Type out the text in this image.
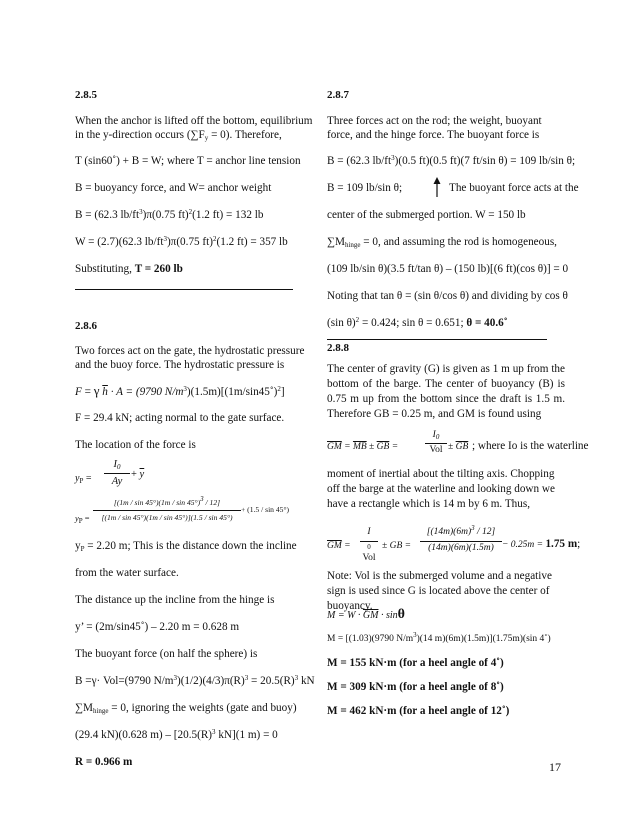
2.8.5
When the anchor is lifted off the bottom, equilibrium in the y-direction occurs $(\sum F_y = 0)$. Therefore,
T (sin60˚) + B = W; where T = anchor line tension
B = buoyancy force, and W= anchor weight
B = (62.3 $lb/ft^3)\pi(0.75$ ft)$^2$(1.2 ft) = 132 lb
W = (2.7)(62.3 $lb/ft^3)\pi(0.75$ ft)$^2$(1.2 ft) = 357 lb
Substituting, T = 260 lb
2.8.6
Two forces act on the gate, the hydrostatic pressure and the buoy force. The hydrostatic pressure is
F = γ $\overline{h} \cdot A = (9790$ $N/m^3)(1.5m)[(1m/\sin 45˚)^2]$
F = 29.4 kN; acting normal to the gate surface.
The location of the force is
$y_P$ =
$I_0$
Ay
+ $\overline{y}$
$y_P$ =
[(1m / sin 45°)(1m / sin 45°)$^3$ / 12]
[(1m / sin 45°)(1m / sin 45°)](1.5 / sin 45°)
+ (1.5 / sin 45°)
$y_P = 2.20$ m; This is the distance down the incline
from the water surface.
The distance up the incline from the hinge is
y’ = (2m/sin45˚) – 2.20 m = 0.628 m
The buoyant force (on half the sphere) is
B =γ· Vol=(9790 $N/m^3)(1/2)(4/3)\pi(R)^3 = 20.5(R)^3$ kN
$\sum M_{hinge} = 0$, ignoring the weights (gate and buoy)
(29.4 kN)(0.628 $m) - [20.5(R)^3$ kN](1 m) = 0
R = 0.966 m
2.8.7
Three forces act on the rod; the weight, buoyant force, and the hinge force. The buoyant force is
B = (62.3 $lb/ft^3)(0.5$ ft)(0.5 ft)(7 ft/sin θ) = 109 lb/sin θ;
B = 109 lb/sin θ;	The buoyant force acts at the
center of the submerged portion. W = 150 lb
$\sum M_{hinge} = 0$, and assuming the rod is homogeneous,
(109 lb/sin θ)(3.5 ft/tan θ) – (150 lb)[(6 ft)(cos θ)] = 0
Noting that tan θ = (sin θ/cos θ) and dividing by cos θ
(sin θ)$^2$ = 0.424; sin θ = 0.651; θ = 40.6˚
2.8.8
The center of gravity (G) is given as 1 m up from the bottom of the barge. The center of buoyancy (B) is 0.75 m up from the bottom since the draft is 1.5 m. Therefore GB = 0.25 m, and GM is found using
$\overline{GM} = \overline{MB} \pm \overline{GB}$ =
$I_0$
Vol ± $\overline{GB}$ ; where Io is the waterline
moment of inertial about the tilting axis. Chopping off the barge at the waterline and looking down we have a rectangle which is 14 m by 6 m. Thus,
$\overline{GM}$ =
I
0
Vol
± GB =
$[(14m)(6m)^3 / 12]$
(14m)(6m)(1.5m) − 0.25m = 1.75 m;
Note: Vol is the submerged volume and a negative sign is used since G is located above the center of buoyancy.
$M = W \cdot \overline{GM} \cdot \sin\theta$
M = [(1.03)(9790 $N/m^3)(14$ m)(6m)(1.5m)](1.75m)(sin 4˚)
M = 155 kN·m (for a heel angle of 4˚)
M = 309 kN·m (for a heel angle of 8˚)
M = 462 kN·m (for a heel angle of 12˚)
17
